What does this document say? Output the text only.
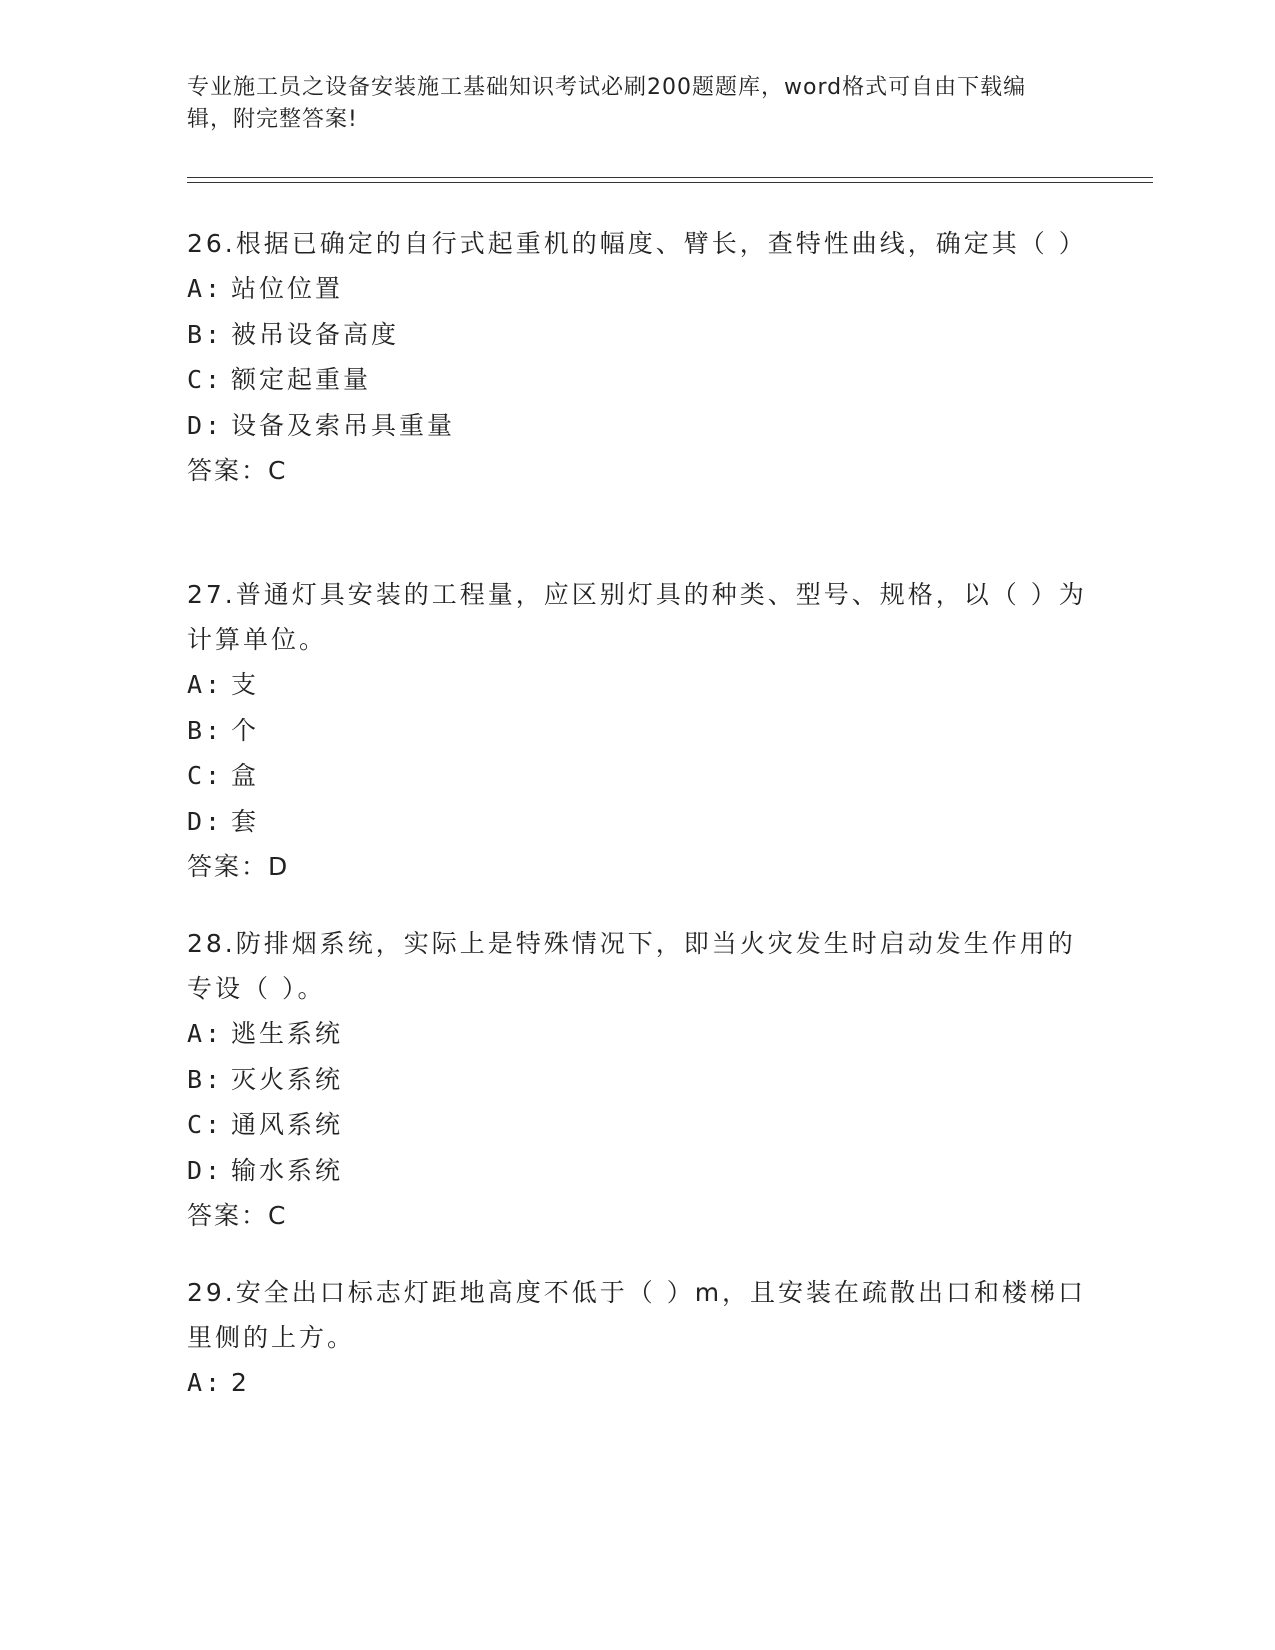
专业施工员之设备安装施工基础知识考试必刷200题题库，word格式可自由下载编辑，附完整答案!

26.根据已确定的自行式起重机的幅度、臂长，查特性曲线，确定其（ ）

A: 站位位置
B: 被吊设备高度
C: 额定起重量
D: 设备及索吊具重量
答案：C

27.普通灯具安装的工程量，应区别灯具的种类、型号、规格，以（ ）为计算单位。

A: 支
B: 个
C: 盒
D: 套
答案：D

28.防排烟系统，实际上是特殊情况下，即当火灾发生时启动发生作用的专设（ ）。

A: 逃生系统
B: 灭火系统
C: 通风系统
D: 输水系统
答案：C

29.安全出口标志灯距地高度不低于（ ）m，且安装在疏散出口和楼梯口里侧的上方。

A: 2
